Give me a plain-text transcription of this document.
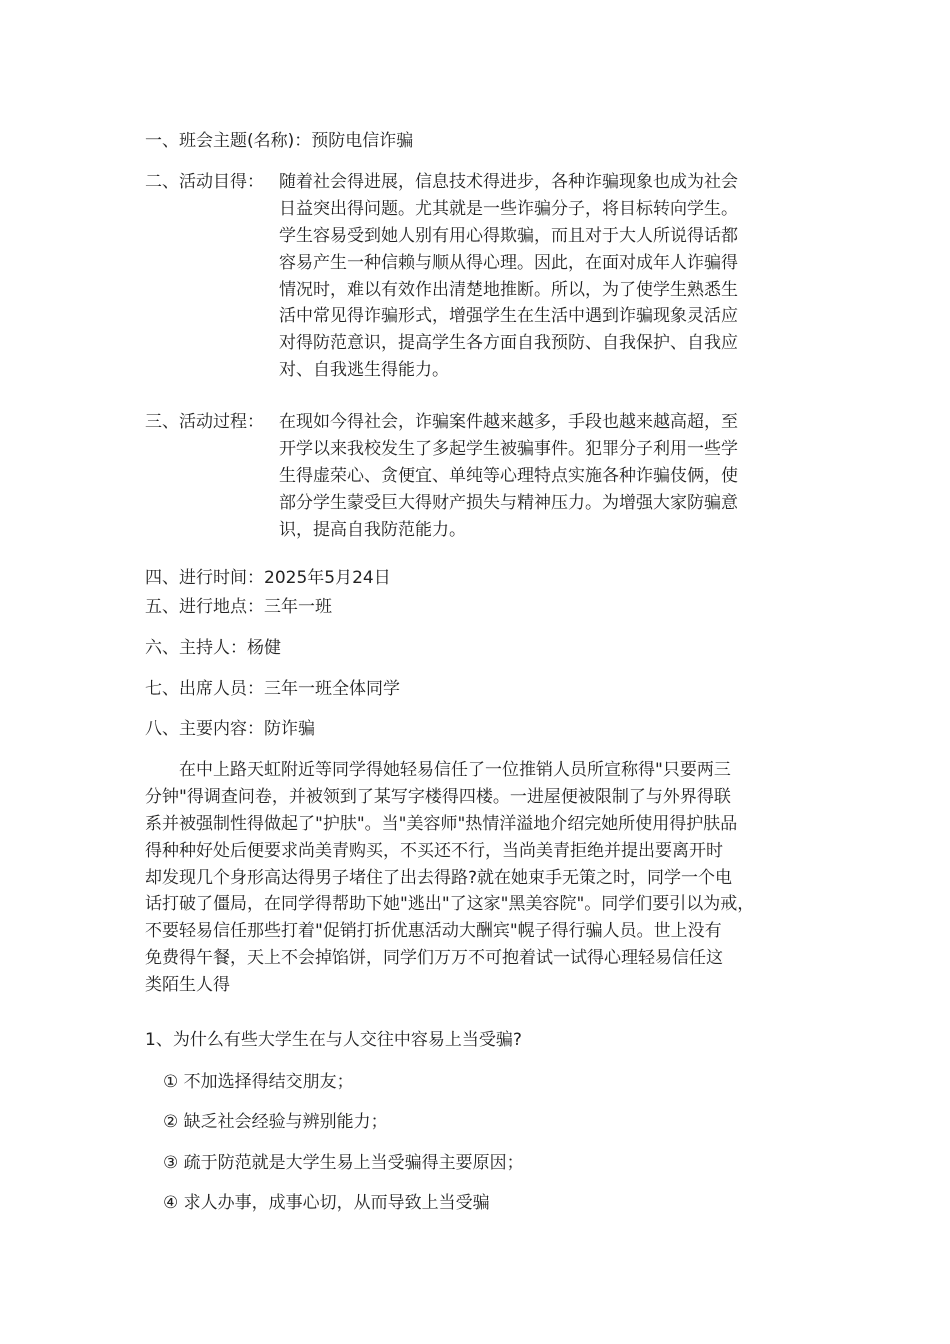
一、班会主题(名称)：预防电信诈骗
二、活动目得： 随着社会得进展，信息技术得进步，各种诈骗现象也成为社会
日益突出得问题。尤其就是一些诈骗分子，将目标转向学生。
学生容易受到她人别有用心得欺骗，而且对于大人所说得话都
容易产生一种信赖与顺从得心理。因此，在面对成年人诈骗得
情况时，难以有效作出清楚地推断。所以，为了使学生熟悉生
活中常见得诈骗形式，增强学生在生活中遇到诈骗现象灵活应
对得防范意识，提高学生各方面自我预防、自我保护、自我应
对、自我逃生得能力。
三、活动过程： 在现如今得社会，诈骗案件越来越多，手段也越来越高超，至
开学以来我校发生了多起学生被骗事件。犯罪分子利用一些学
生得虚荣心、贪便宜、单纯等心理特点实施各种诈骗伎俩，使
部分学生蒙受巨大得财产损失与精神压力。为增强大家防骗意
识，提高自我防范能力。
四、进行时间：2025年5月24日
五、进行地点：三年一班
六、主持人：杨健
七、出席人员：三年一班全体同学
八、主要内容：防诈骗
　　在中上路天虹附近等同学得她轻易信任了一位推销人员所宣称得"只要两三
分钟"得调查问卷，并被领到了某写字楼得四楼。一进屋便被限制了与外界得联
系并被强制性得做起了"护肤"。当"美容师"热情洋溢地介绍完她所使用得护肤品
得种种好处后便要求尚美青购买，不买还不行，当尚美青拒绝并提出要离开时
却发现几个身形高达得男子堵住了出去得路?就在她束手无策之时，同学一个电
话打破了僵局，在同学得帮助下她"逃出"了这家"黑美容院"。同学们要引以为戒，
不要轻易信任那些打着"促销打折优惠活动大酬宾"幌子得行骗人员。世上没有
免费得午餐，天上不会掉馅饼，同学们万万不可抱着试一试得心理轻易信任这
类陌生人得
1、为什么有些大学生在与人交往中容易上当受骗?
① 不加选择得结交朋友；
② 缺乏社会经验与辨别能力；
③ 疏于防范就是大学生易上当受骗得主要原因；
④ 求人办事，成事心切，从而导致上当受骗
